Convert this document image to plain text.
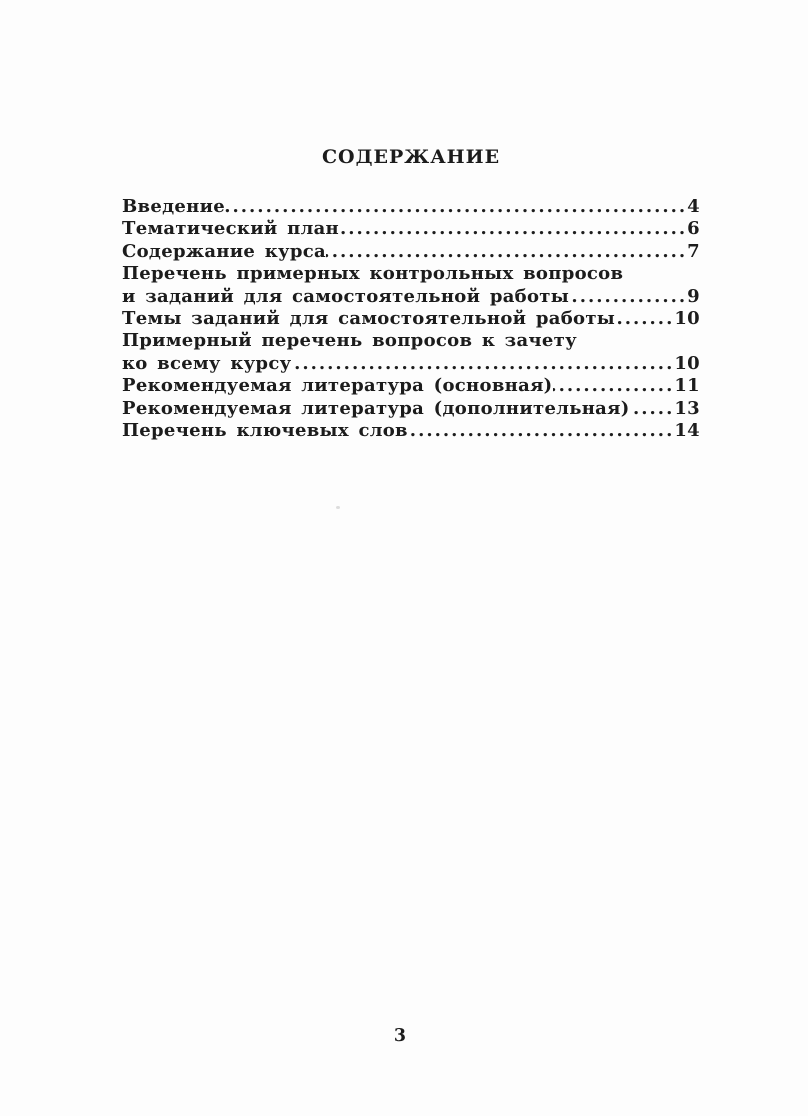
СОДЕРЖАНИЕ
Введение .....	4
Тематический план .....	6
Содержание курса .....	7
Перечень примерных контрольных вопросов
и заданий для самостоятельной работы .....	9
Темы заданий для самостоятельной работы .....	10
Примерный перечень вопросов к зачету
ко всему курсу .....	10
Рекомендуемая литература (основная) .....	11
Рекомендуемая литература (дополнительная) ..... 13
Перечень ключевых слов .....	14
3
